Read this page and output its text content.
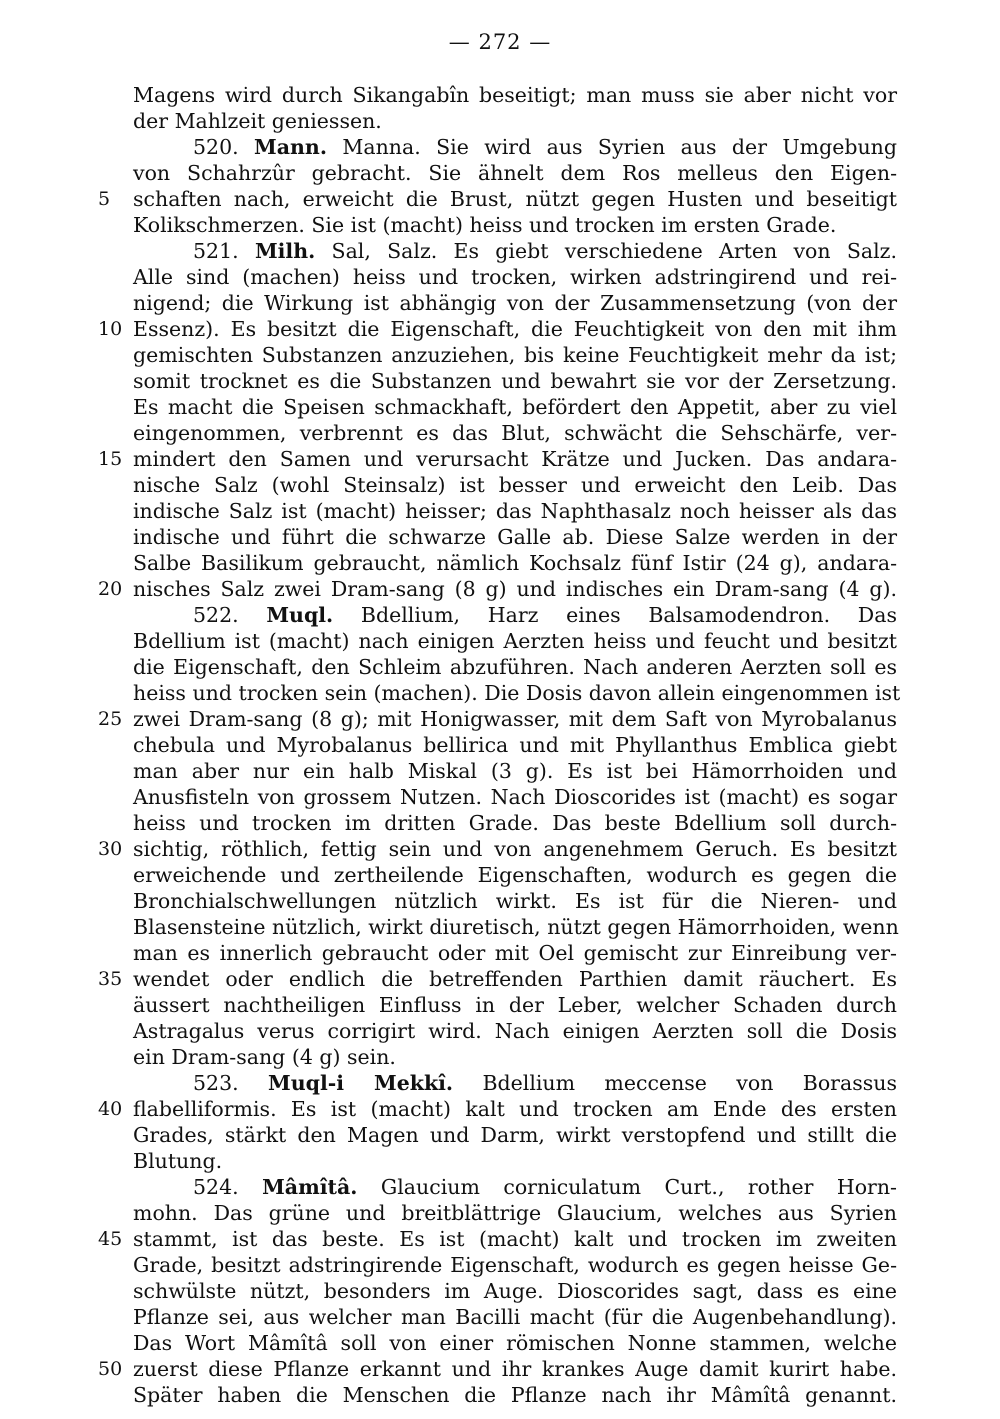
— 272 —
Magens wird durch Sikangabîn beseitigt; man muss sie aber nicht vor
der Mahlzeit geniessen.
520. Mann. Manna. Sie wird aus Syrien aus der Umgebung
von Schahrzûr gebracht. Sie ähnelt dem Ros melleus den Eigen-
5	schaften nach, erweicht die Brust, nützt gegen Husten und beseitigt
Kolikschmerzen. Sie ist (macht) heiss und trocken im ersten Grade.
521. Milh. Sal, Salz. Es giebt verschiedene Arten von Salz.
Alle sind (machen) heiss und trocken, wirken adstringirend und rei-
nigend; die Wirkung ist abhängig von der Zusammensetzung (von der
10 Essenz). Es besitzt die Eigenschaft, die Feuchtigkeit von den mit ihm
gemischten Substanzen anzuziehen, bis keine Feuchtigkeit mehr da ist;
somit trocknet es die Substanzen und bewahrt sie vor der Zersetzung.
Es macht die Speisen schmackhaft, befördert den Appetit, aber zu viel
eingenommen, verbrennt es das Blut, schwächt die Sehschärfe, ver-
15 mindert den Samen und verursacht Krätze und Jucken. Das andara-
nische Salz (wohl Steinsalz) ist besser und erweicht den Leib. Das
indische Salz ist (macht) heisser; das Naphthasalz noch heisser als das
indische und führt die schwarze Galle ab. Diese Salze werden in der
Salbe Basilikum gebraucht, nämlich Kochsalz fünf Istir (24 g), andara-
20 nisches Salz zwei Dram-sang (8 g) und indisches ein Dram-sang (4 g).
522. Muql. Bdellium, Harz eines Balsamodendron. Das
Bdellium ist (macht) nach einigen Aerzten heiss und feucht und besitzt
die Eigenschaft, den Schleim abzuführen. Nach anderen Aerzten soll es
heiss und trocken sein (machen). Die Dosis davon allein eingenommen ist
25 zwei Dram-sang (8 g); mit Honigwasser, mit dem Saft von Myrobalanus
chebula und Myrobalanus bellirica und mit Phyllanthus Emblica giebt
man aber nur ein halb Miskal (3 g). Es ist bei Hämorrhoiden und
Anusfisteln von grossem Nutzen. Nach Dioscorides ist (macht) es sogar
heiss und trocken im dritten Grade. Das beste Bdellium soll durch-
30 sichtig, röthlich, fettig sein und von angenehmem Geruch. Es besitzt
erweichende und zertheilende Eigenschaften, wodurch es gegen die
Bronchialschwellungen nützlich wirkt. Es ist für die Nieren- und
Blasensteine nützlich, wirkt diuretisch, nützt gegen Hämorrhoiden, wenn
man es innerlich gebraucht oder mit Oel gemischt zur Einreibung ver-
35 wendet oder endlich die betreffenden Parthien damit räuchert. Es
äussert nachtheiligen Einfluss in der Leber, welcher Schaden durch
Astragalus verus corrigirt wird. Nach einigen Aerzten soll die Dosis
ein Dram-sang (4 g) sein.
523. Muql-i Mekkî. Bdellium meccense von Borassus
40 flabelliformis. Es ist (macht) kalt und trocken am Ende des ersten
Grades, stärkt den Magen und Darm, wirkt verstopfend und stillt die
Blutung.
524. Mâmîtâ. Glaucium corniculatum Curt., rother Horn-
mohn. Das grüne und breitblättrige Glaucium, welches aus Syrien
45 stammt, ist das beste. Es ist (macht) kalt und trocken im zweiten
Grade, besitzt adstringirende Eigenschaft, wodurch es gegen heisse Ge-
schwülste nützt, besonders im Auge. Dioscorides sagt, dass es eine
Pflanze sei, aus welcher man Bacilli macht (für die Augenbehandlung).
Das Wort Mâmîtâ soll von einer römischen Nonne stammen, welche
50 zuerst diese Pflanze erkannt und ihr krankes Auge damit kurirt habe.
Später haben die Menschen die Pflanze nach ihr Mâmîtâ genannt.
